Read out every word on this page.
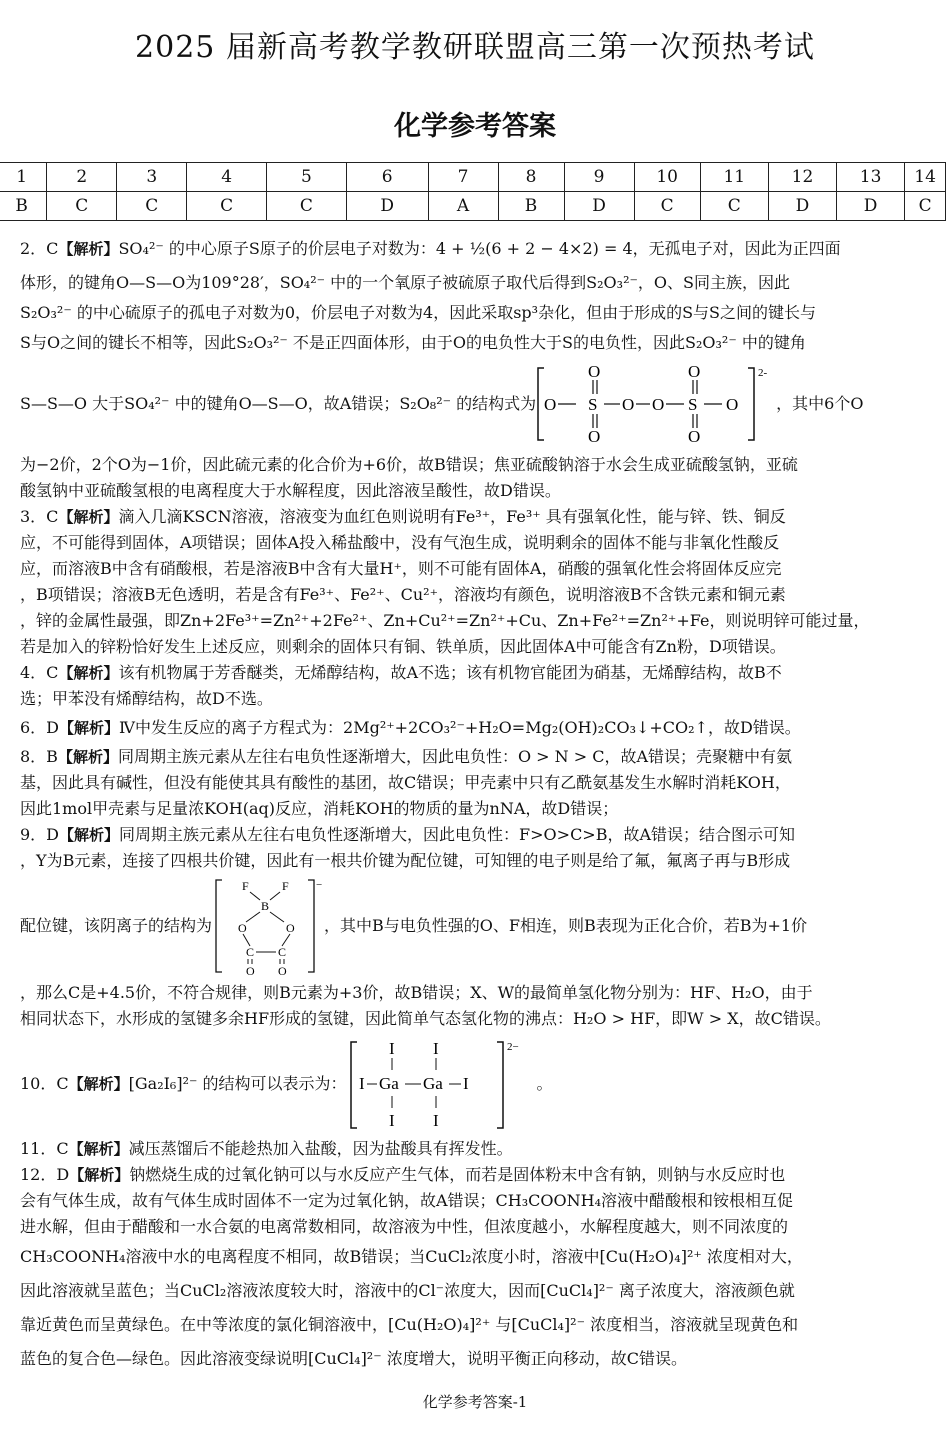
2025 届新高考教学教研联盟高三第一次预热考试
化学参考答案
1	2	3	4	5	6	7	8	9	10	11	12	13	14
B	C	C	C	C	D	A	B	D	C	C	D	D	C

2．C【解析】SO₄²⁻ 的中心原子S原子的价层电子对数为：4 + ½(6 + 2 − 4×2) = 4，无孤电子对，因此为正四面

体形，的键角O—S—O为109°28′，SO₄²⁻ 中的一个氧原子被硫原子取代后得到S₂O₃²⁻，O、S同主族，因此

S₂O₃²⁻ 的中心硫原子的孤电子对数为0，价层电子对数为4，因此采取sp³杂化，但由于形成的S与S之间的键长与

S与O之间的键长不相等，因此S₂O₃²⁻ 不是正四面体形，由于O的电负性大于S的电负性，因此S₂O₃²⁻ 中的键角

S—S—O 大于SO₄²⁻ 中的键角O—S—O，故A错误；S₂O₈²⁻ 的结构式为 O S
O
O
O O S
O
O
O
2-
，其中6个O

为−2价，2个O为−1价，因此硫元素的化合价为+6价，故B错误；焦亚硫酸钠溶于水会生成亚硫酸氢钠，亚硫

酸氢钠中亚硫酸氢根的电离程度大于水解程度，因此溶液呈酸性，故D错误。

3．C【解析】滴入几滴KSCN溶液，溶液变为血红色则说明有Fe³⁺，Fe³⁺ 具有强氧化性，能与锌、铁、铜反

应，不可能得到固体，A项错误；固体A投入稀盐酸中，没有气泡生成，说明剩余的固体不能与非氧化性酸反

应，而溶液B中含有硝酸根，若是溶液B中含有大量H⁺，则不可能有固体A，硝酸的强氧化性会将固体反应完

，B项错误；溶液B无色透明，若是含有Fe³⁺、Fe²⁺、Cu²⁺，溶液均有颜色，说明溶液B不含铁元素和铜元素

，锌的金属性最强，即Zn+2Fe³⁺=Zn²⁺+2Fe²⁺、Zn+Cu²⁺=Zn²⁺+Cu、Zn+Fe²⁺=Zn²⁺+Fe，则说明锌可能过量，

若是加入的锌粉恰好发生上述反应，则剩余的固体只有铜、铁单质，因此固体A中可能含有Zn粉，D项错误。

4．C【解析】该有机物属于芳香醚类，无烯醇结构，故A不选；该有机物官能团为硝基，无烯醇结构，故B不

选；甲苯没有烯醇结构，故D不选。

6．D【解析】Ⅳ中发生反应的离子方程式为：2Mg²⁺+2CO₃²⁻+H₂O=Mg₂(OH)₂CO₃↓+CO₂↑，故D错误。

8．B【解析】同周期主族元素从左往右电负性逐渐增大，因此电负性：O > N > C，故A错误；壳聚糖中有氨

基，因此具有碱性，但没有能使其具有酸性的基团，故C错误；甲壳素中只有乙酰氨基发生水解时消耗KOH，

因此1mol甲壳素与足量浓KOH(aq)反应，消耗KOH的物质的量为nNA，故D错误；

9．D【解析】同周期主族元素从左往右电负性逐渐增大，因此电负性：F>O>C>B，故A错误；结合图示可知

，Y为B元素，连接了四根共价键，因此有一根共价键为配位键，可知锂的电子则是给了氟，氟离子再与B形成

配位键，该阴离子的结构为
−
F	F
B
O	O
C C
O O
，其中B与电负性强的O、F相连，则B表现为正化合价，若B为+1价

，那么C是+4.5价，不符合规律，则B元素为+3价，故B错误；X、W的最简单氢化物分别为：HF、H₂O，由于

相同状态下，水形成的氢键多余HF形成的氢键，因此简单气态氢化物的沸点：H₂O > HF，即W > X，故C错误。

10．C 【解析】 [Ga₂I₆]²⁻ 的结构可以表示为：
2−
I I
I Ga Ga I
I I
。

11．C【解析】减压蒸馏后不能趁热加入盐酸，因为盐酸具有挥发性。

12．D【解析】钠燃烧生成的过氧化钠可以与水反应产生气体，而若是固体粉末中含有钠，则钠与水反应时也

会有气体生成，故有气体生成时固体不一定为过氧化钠，故A错误；CH₃COONH₄溶液中醋酸根和铵根相互促

进水解，但由于醋酸和一水合氨的电离常数相同，故溶液为中性，但浓度越小，水解程度越大，则不同浓度的

CH₃COONH₄溶液中水的电离程度不相同，故B错误；当CuCl₂浓度小时，溶液中[Cu(H₂O)₄]²⁺ 浓度相对大，

因此溶液就呈蓝色；当CuCl₂溶液浓度较大时，溶液中的Cl⁻浓度大，因而[CuCl₄]²⁻ 离子浓度大，溶液颜色就

靠近黄色而呈黄绿色。在中等浓度的氯化铜溶液中，[Cu(H₂O)₄]²⁺ 与[CuCl₄]²⁻ 浓度相当，溶液就呈现黄色和

蓝色的复合色—绿色。因此溶液变绿说明[CuCl₄]²⁻ 浓度增大，说明平衡正向移动，故C错误。

化学参考答案-1
